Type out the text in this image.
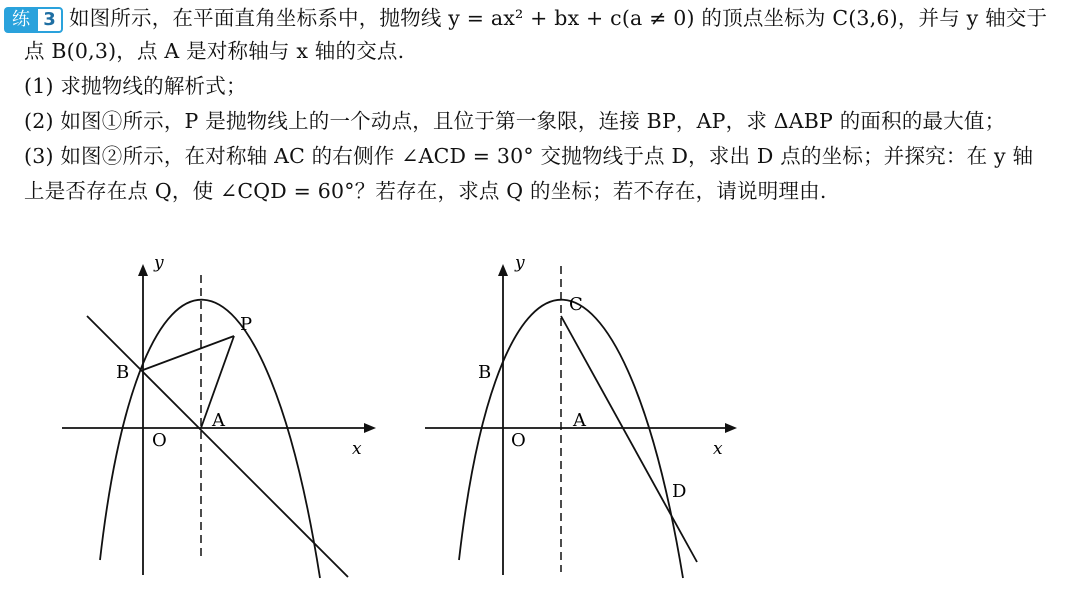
练 3 如图所示，在平面直角坐标系中，抛物线 y = ax² + bx + c(a ≠ 0) 的顶点坐标为 C(3,6)，并与 y 轴交于
点 B(0,3)，点 A 是对称轴与 x 轴的交点.
(1) 求抛物线的解析式；
(2) 如图①所示，P 是抛物线上的一个动点，且位于第一象限，连接 BP，AP，求 ΔABP 的面积的最大值；
(3) 如图②所示，在对称轴 AC 的右侧作 ∠ACD = 30° 交抛物线于点 D，求出 D 点的坐标；并探究：在 y 轴
上是否存在点 Q，使 ∠CQD = 60°？若存在，求点 Q 的坐标；若不存在，请说明理由.
y
x
O
B
P
A
y
x
O
B
C
A
D
